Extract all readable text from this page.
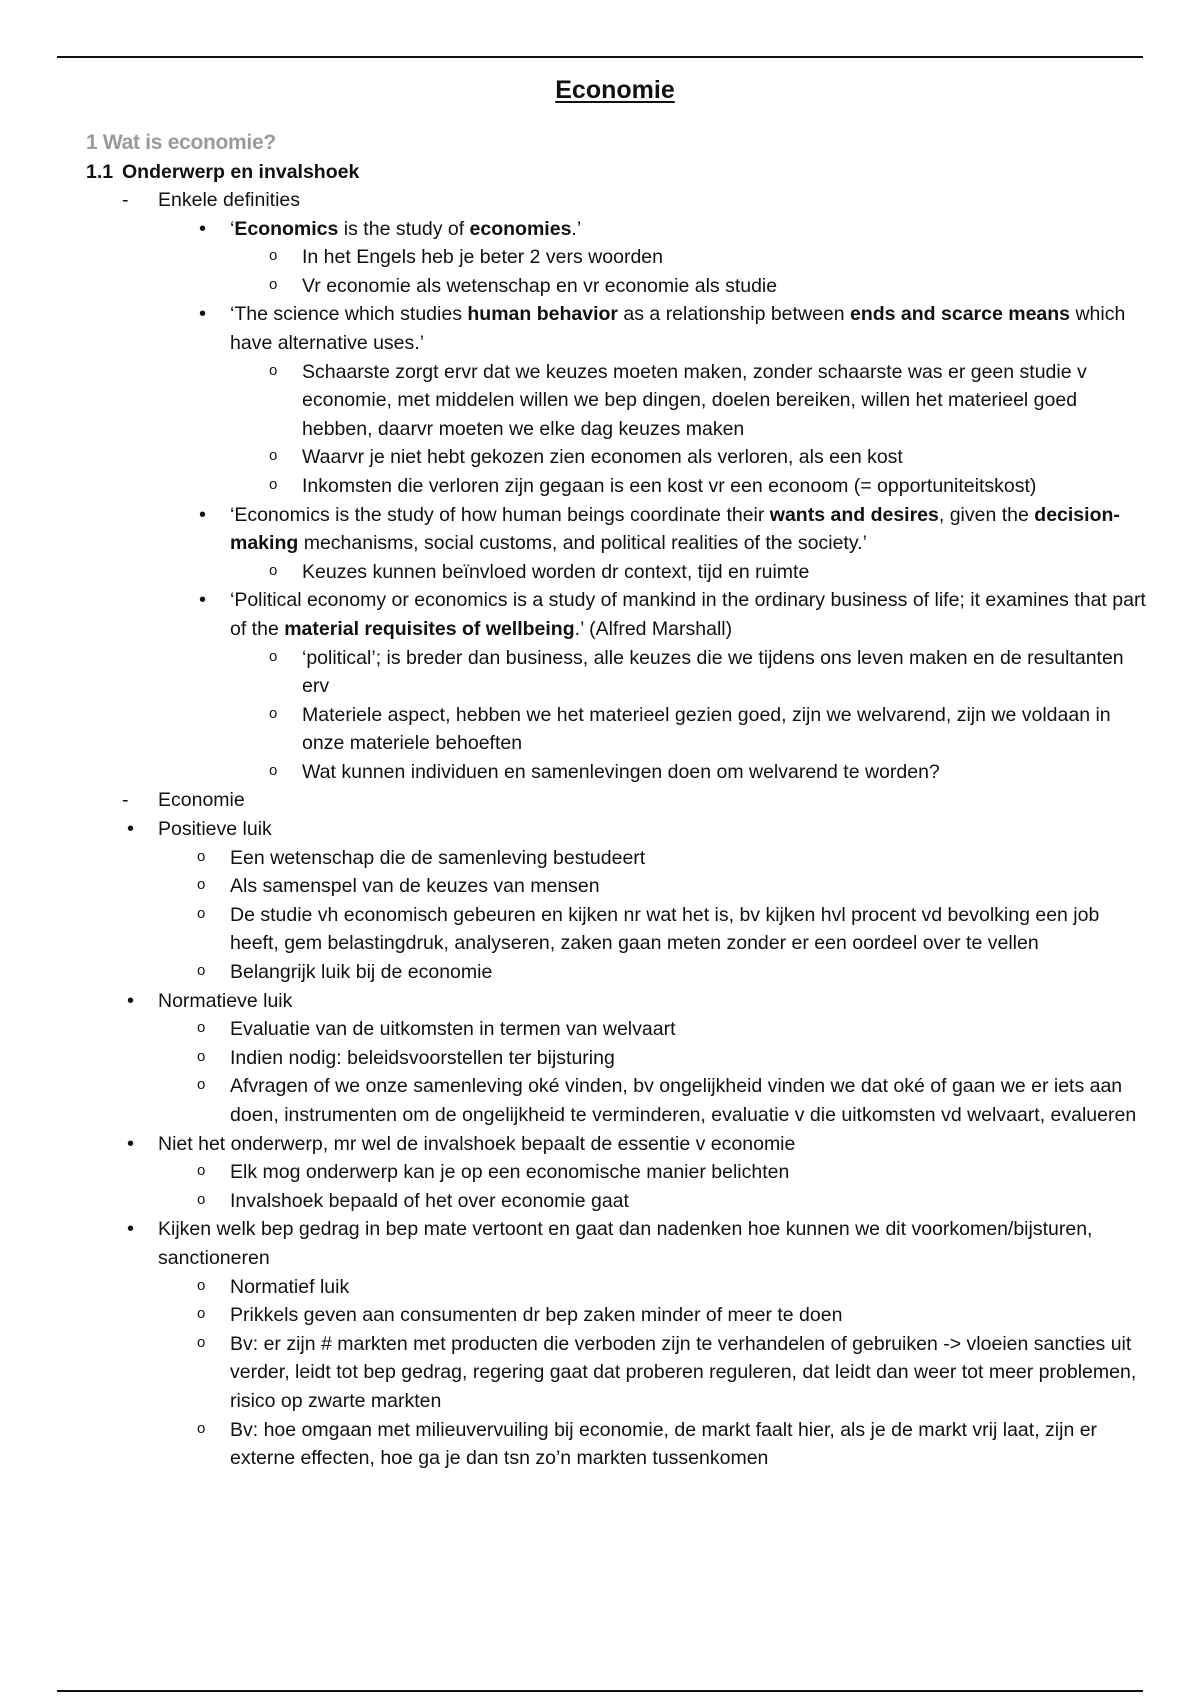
Economie
1 Wat is economie?
1.1 Onderwerp en invalshoek
- Enkele definities
• ‘Economics is the study of economies.’
o In het Engels heb je beter 2 vers woorden
o Vr economie als wetenschap en vr economie als studie
• ‘The science which studies human behavior as a relationship between ends and scarce means which have alternative uses.’
o Schaarste zorgt ervr dat we keuzes moeten maken, zonder schaarste was er geen studie v economie, met middelen willen we bep dingen, doelen bereiken, willen het materieel goed hebben, daarvr moeten we elke dag keuzes maken
o Waarvr je niet hebt gekozen zien economen als verloren, als een kost
o Inkomsten die verloren zijn gegaan is een kost vr een econoom (= opportuniteitskost)
• ‘Economics is the study of how human beings coordinate their wants and desires, given the decision-making mechanisms, social customs, and political realities of the society.’
o Keuzes kunnen beïnvloed worden dr context, tijd en ruimte
• ‘Political economy or economics is a study of mankind in the ordinary business of life; it examines that part of the material requisites of wellbeing.’ (Alfred Marshall)
o ‘political’; is breder dan business, alle keuzes die we tijdens ons leven maken en de resultanten erv
o Materiele aspect, hebben we het materieel gezien goed, zijn we welvarend, zijn we voldaan in onze materiele behoeften
o Wat kunnen individuen en samenlevingen doen om welvarend te worden?
- Economie
• Positieve luik
o Een wetenschap die de samenleving bestudeert
o Als samenspel van de keuzes van mensen
o De studie vh economisch gebeuren en kijken nr wat het is, bv kijken hvl procent vd bevolking een job heeft, gem belastingdruk, analyseren, zaken gaan meten zonder er een oordeel over te vellen
o Belangrijk luik bij de economie
• Normatieve luik
o Evaluatie van de uitkomsten in termen van welvaart
o Indien nodig: beleidsvoorstellen ter bijsturing
o Afvragen of we onze samenleving oké vinden, bv ongelijkheid vinden we dat oké of gaan we er iets aan doen, instrumenten om de ongelijkheid te verminderen, evaluatie v die uitkomsten vd welvaart, evalueren
• Niet het onderwerp, mr wel de invalshoek bepaalt de essentie v economie
o Elk mog onderwerp kan je op een economische manier belichten
o Invalshoek bepaald of het over economie gaat
• Kijken welk bep gedrag in bep mate vertoont en gaat dan nadenken hoe kunnen we dit voorkomen/bijsturen, sanctioneren
o Normatief luik
o Prikkels geven aan consumenten dr bep zaken minder of meer te doen
o Bv: er zijn # markten met producten die verboden zijn te verhandelen of gebruiken -> vloeien sancties uit verder, leidt tot bep gedrag, regering gaat dat proberen reguleren, dat leidt dan weer tot meer problemen, risico op zwarte markten
o Bv: hoe omgaan met milieuvervuiling bij economie, de markt faalt hier, als je de markt vrij laat, zijn er externe effecten, hoe ga je dan tsn zo’n markten tussenkomen
